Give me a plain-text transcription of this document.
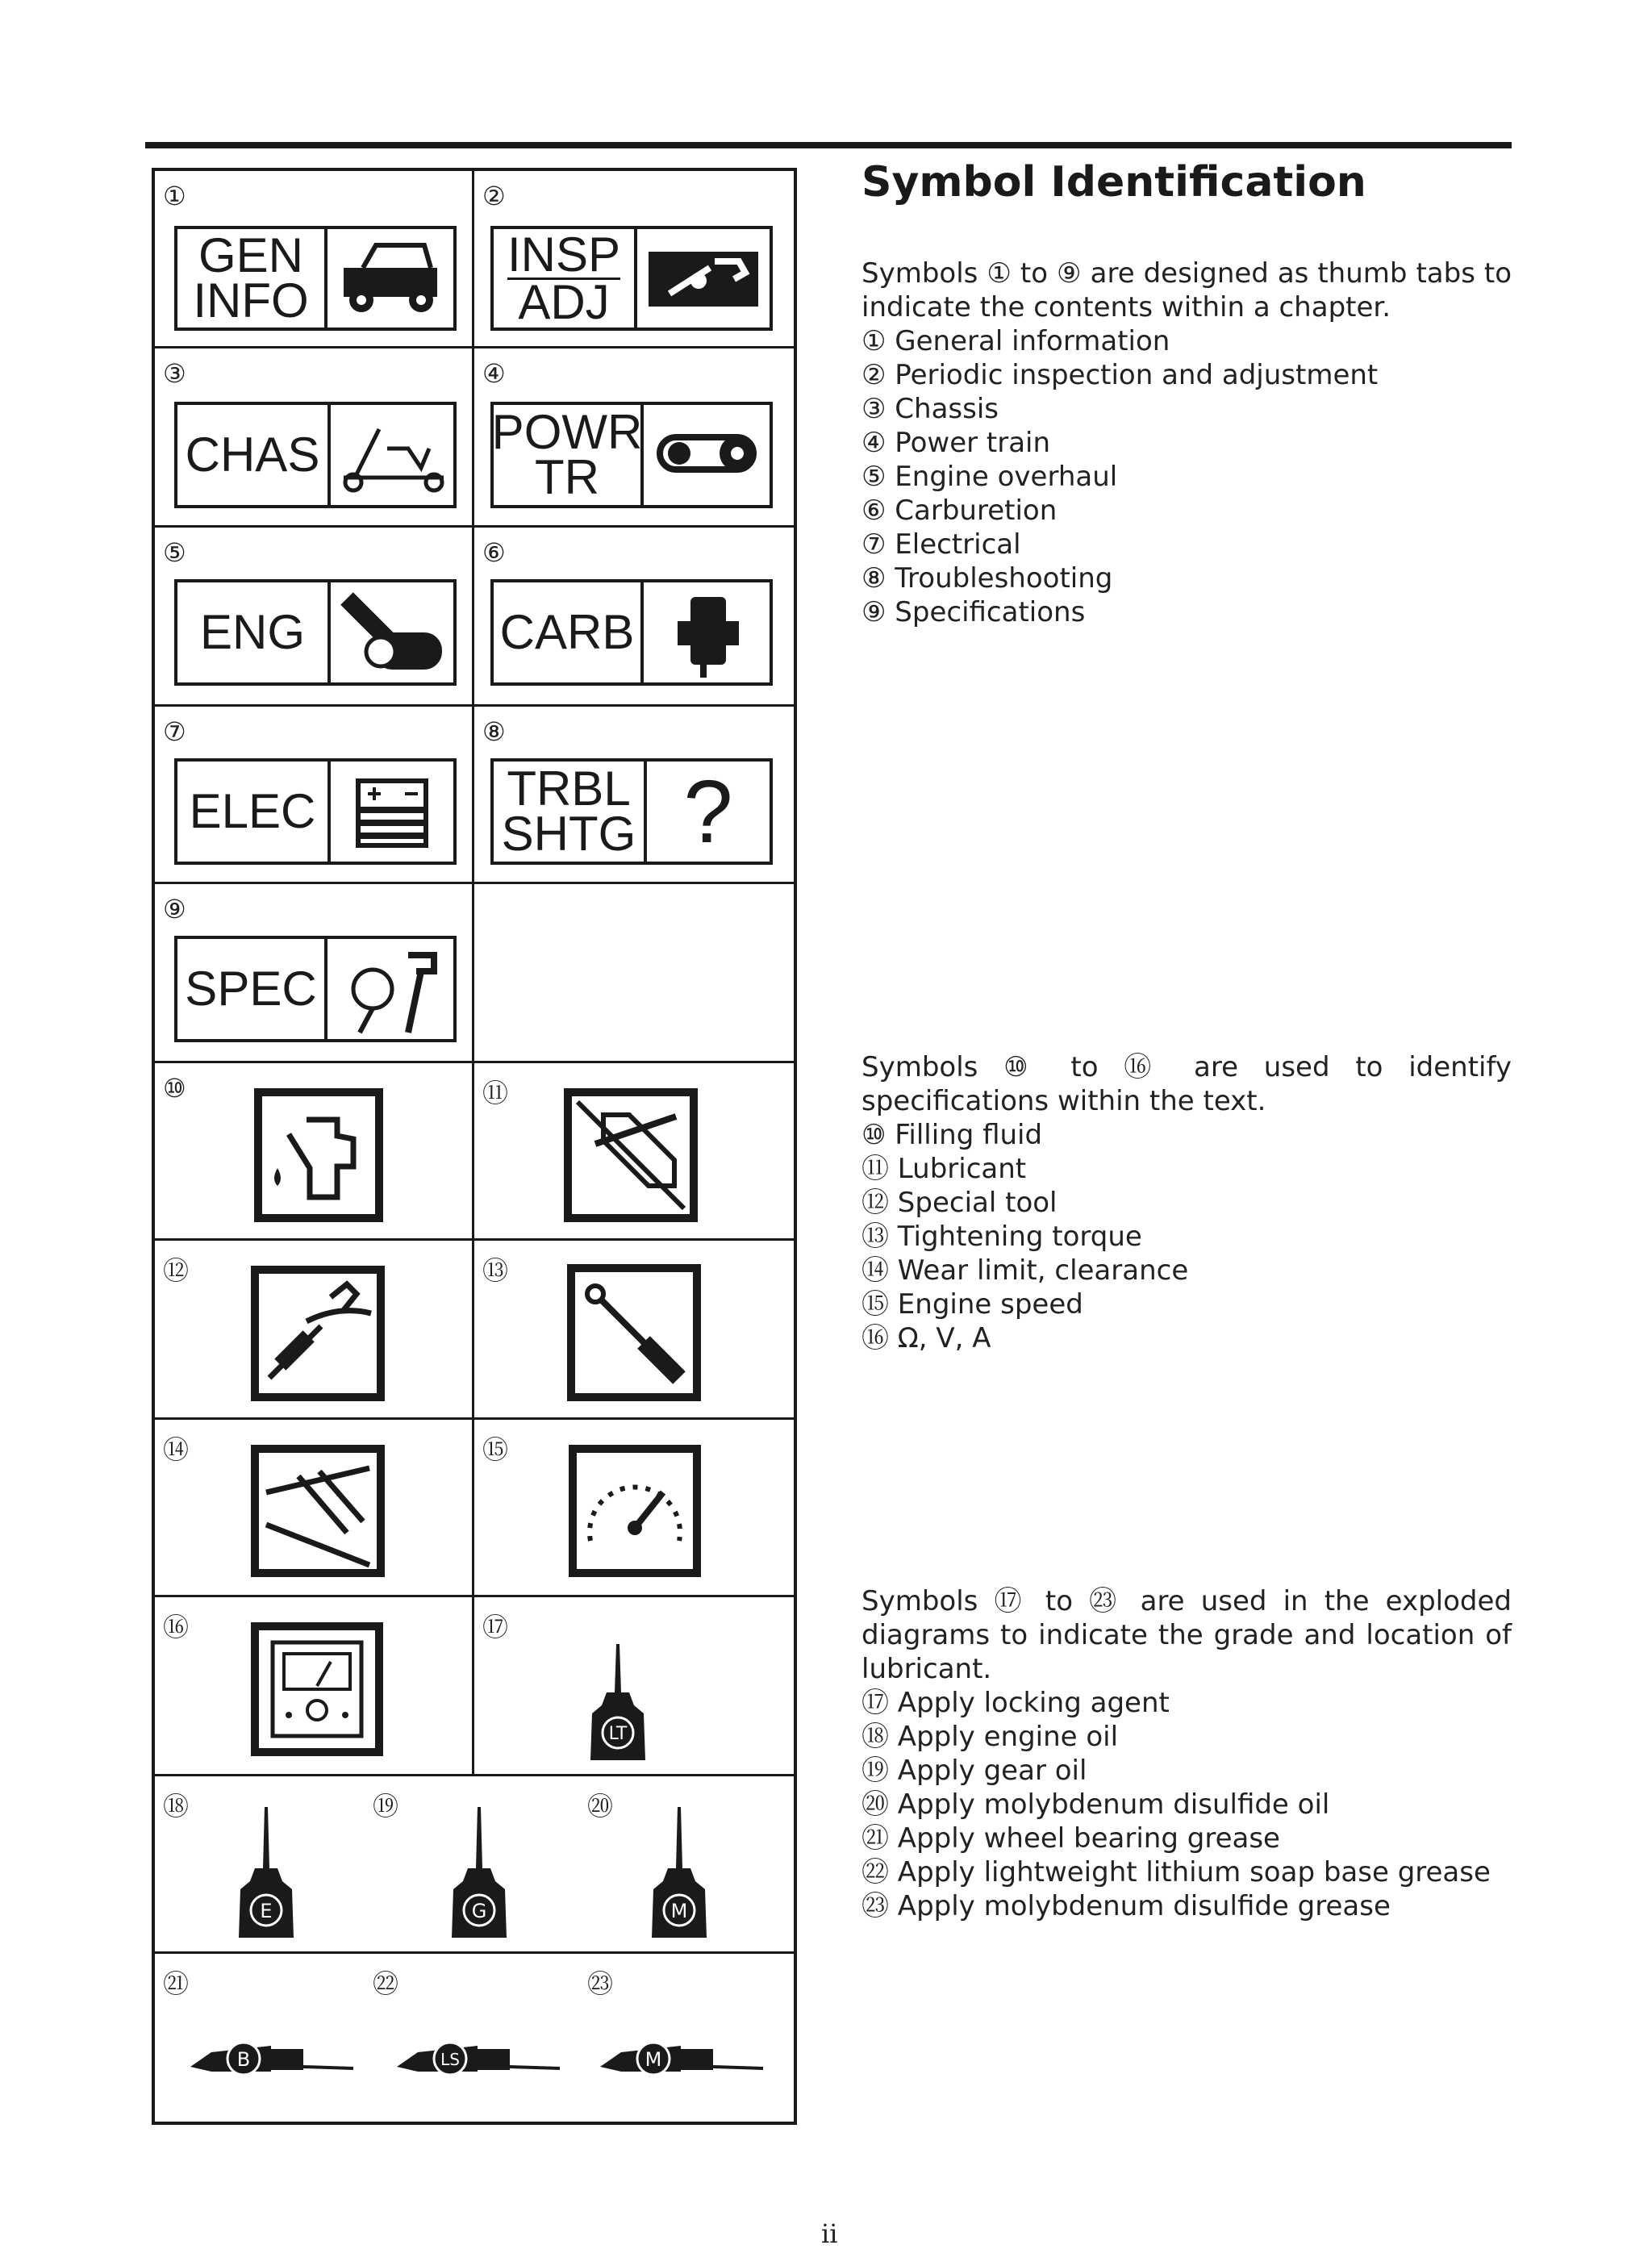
①
GEN
INFO
②
INSP
ADJ
③
CHAS
④
POWR
TR
⑤
ENG
⑥
CARB
⑦
ELEC
⑧
TRBL
SHTG ?
⑨
SPEC
⑩	⑪
⑫	⑬
⑭	⑮
⑯	⑰
LT
⑱	⑲	⑳
E	G	M
㉑	㉒	㉓
B	LS	M
Symbol Identification
Symbols ① to ⑨ are designed as thumb tabs to indicate the contents within a chapter.
① General information
② Periodic inspection and adjustment
③ Chassis
④ Power train
⑤ Engine overhaul
⑥ Carburetion
⑦ Electrical
⑧ Troubleshooting
⑨ Specifications
Symbols ⑩ to ⑯ are used to identify specifications within the text.
⑩ Filling fluid
⑪ Lubricant
⑫ Special tool
⑬ Tightening torque
⑭ Wear limit, clearance
⑮ Engine speed
⑯ Ω, V, A
Symbols ⑰ to ㉓ are used in the exploded diagrams to indicate the grade and location of lubricant.
⑰ Apply locking agent
⑱ Apply engine oil
⑲ Apply gear oil
⑳ Apply molybdenum disulfide oil
㉑ Apply wheel bearing grease
㉒ Apply lightweight lithium soap base grease
㉓ Apply molybdenum disulfide grease
ii
